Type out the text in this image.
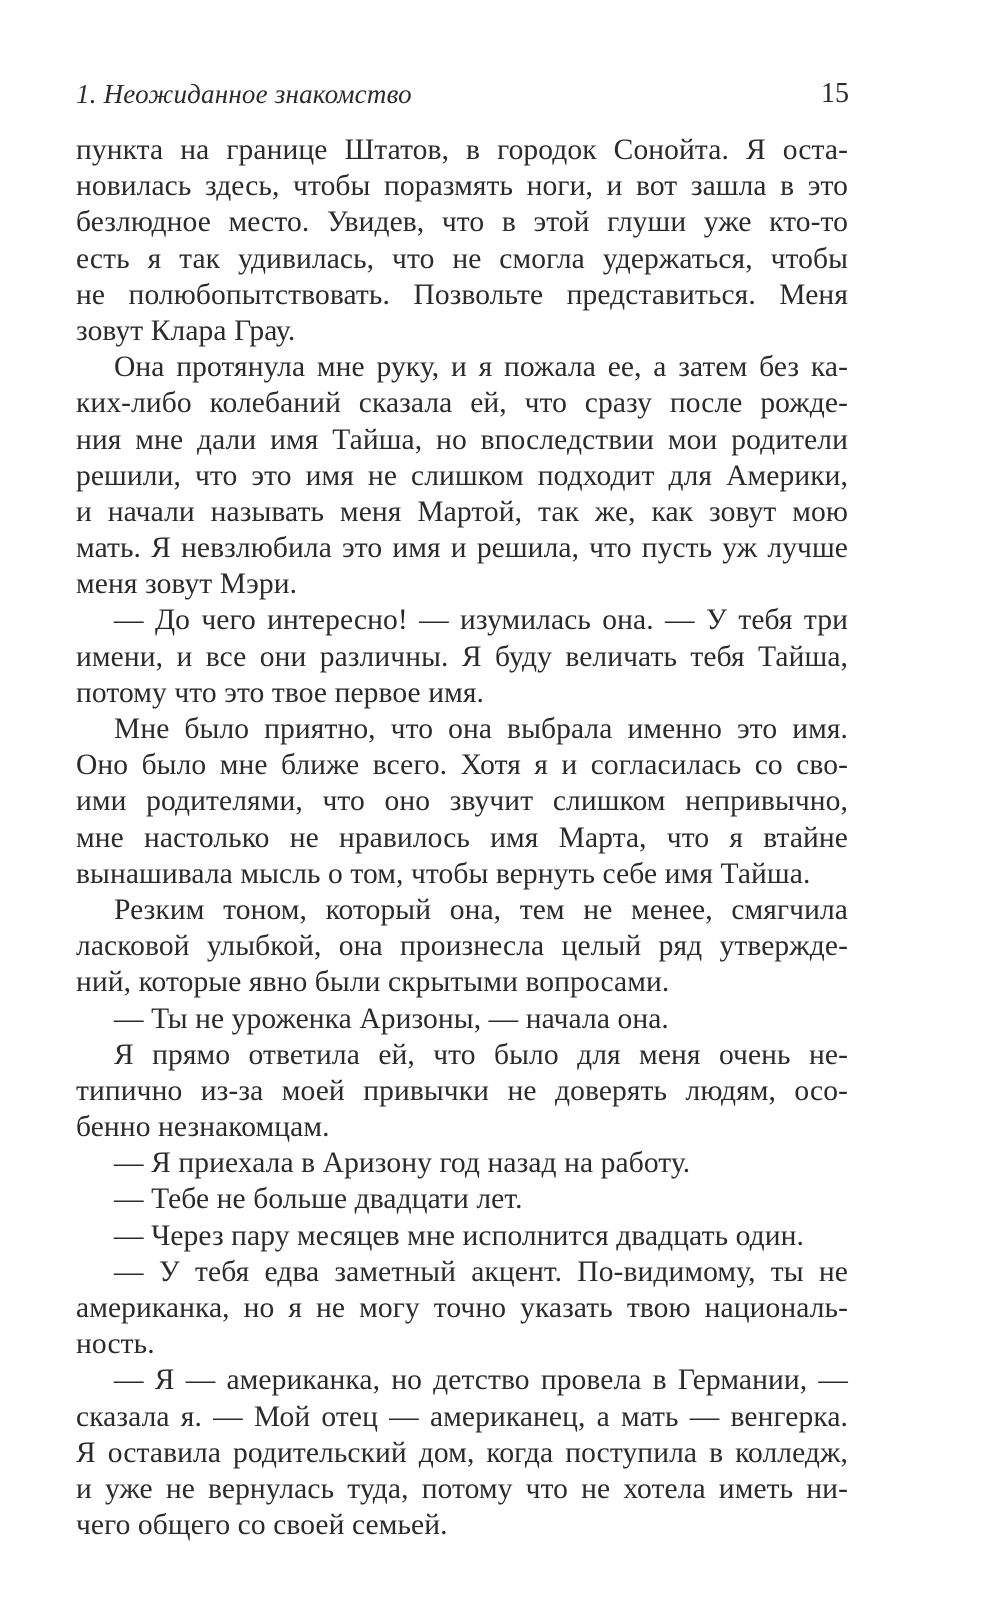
1. Неожиданное знакомство	15
пункта на границе Штатов, в городок Сонойта. Я оста-
новилась здесь, чтобы поразмять ноги, и вот зашла в это
безлюдное место. Увидев, что в этой глуши уже кто-то
есть я так удивилась, что не смогла удержаться, чтобы
не полюбопытствовать. Позвольте представиться. Меня
зовут Клара Грау.
Она протянула мне руку, и я пожала ее, а затем без ка-
ких-либо колебаний сказала ей, что сразу после рожде-
ния мне дали имя Тайша, но впоследствии мои родители
решили, что это имя не слишком подходит для Америки,
и начали называть меня Мартой, так же, как зовут мою
мать. Я невзлюбила это имя и решила, что пусть уж лучше
меня зовут Мэри.
— До чего интересно! — изумилась она. — У тебя три
имени, и все они различны. Я буду величать тебя Тайша,
потому что это твое первое имя.
Мне было приятно, что она выбрала именно это имя.
Оно было мне ближе всего. Хотя я и согласилась со сво-
ими родителями, что оно звучит слишком непривычно,
мне настолько не нравилось имя Марта, что я втайне
вынашивала мысль о том, чтобы вернуть себе имя Тайша.
Резким тоном, который она, тем не менее, смягчила
ласковой улыбкой, она произнесла целый ряд утвержде-
ний, которые явно были скрытыми вопросами.
— Ты не уроженка Аризоны, — начала она.
Я прямо ответила ей, что было для меня очень не-
типично из-за моей привычки не доверять людям, осо-
бенно незнакомцам.
— Я приехала в Аризону год назад на работу.
— Тебе не больше двадцати лет.
— Через пару месяцев мне исполнится двадцать один.
— У тебя едва заметный акцент. По-видимому, ты не
американка, но я не могу точно указать твою националь-
ность.
— Я — американка, но детство провела в Германии, —
сказала я. — Мой отец — американец, а мать — венгерка.
Я оставила родительский дом, когда поступила в колледж,
и уже не вернулась туда, потому что не хотела иметь ни-
чего общего со своей семьей.
